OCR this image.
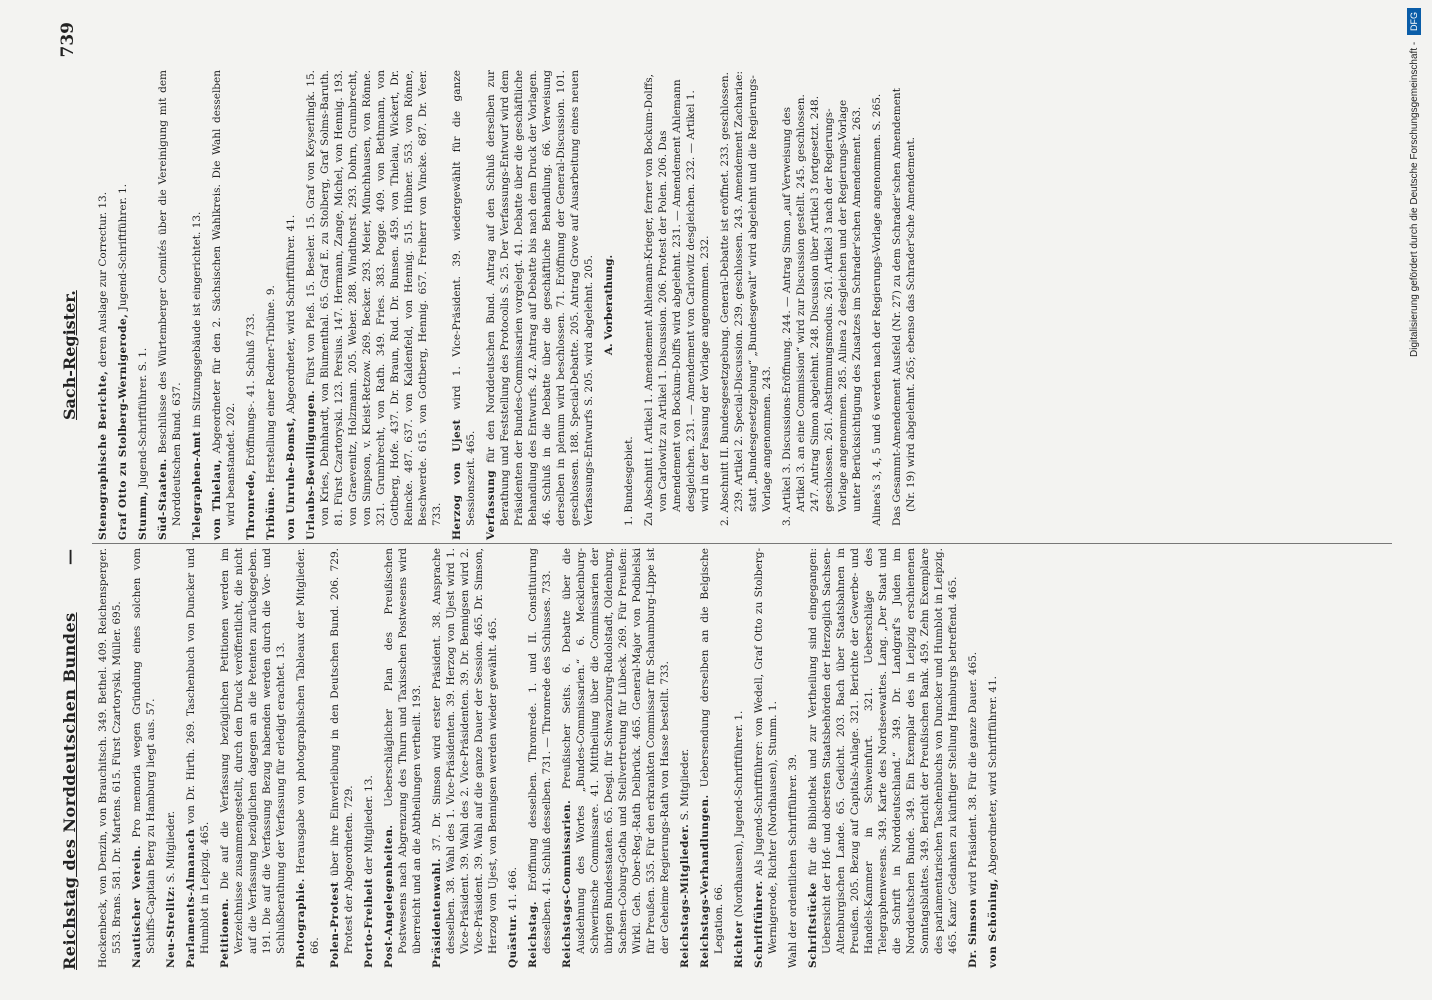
Reichstag des Norddeutschen Bundes
—
Sach-Register.
739

Hockenbeck, von Denzin, von Brauchitsch. 349. Bethel. 409. Reichensperger. 553. Brans. 581. Dr. Martens. 615. Fürst Czartoryski. Müller. 695. Nautischer Verein. Pro memoria wegen Gründung eines solchen vom Schiffs-Capitain Berg zu Hamburg liegt aus. 57. Neu-Strelitz: S. Mitglieder. Parlaments-Almanach von Dr. Hirth. 269. Taschenbuch von Duncker und Humblot in Leipzig. 465. Petitionen. Die auf die Verfassung bezüglichen Petitionen werden im Verzeichnisse zusammengestellt, durch den Druck veröffentlicht, die nicht auf die Verfassung bezüglichen dagegen an die Petenten zurückgegeben. 191. Die auf die Verfassung Bezug habenden werden durch die Vor- und Schlußberathung der Verfassung für erledigt erachtet. 13. Photographie. Herausgabe von photographischen Tableaux der Mitglieder. 66. Polen-Protest über ihre Einverleibung in den Deutschen Bund. 206. 729. Protest der Abgeordneten. 729. Porto-Freiheit der Mitglieder. 13. Post-Angelegenheiten. Ueberschläglicher Plan des Preußischen Postwesens nach Abgrenzung des Thurn und Taxisschen Postwesens wird überreicht und an die Abtheilungen vertheilt. 193. Präsidentenwahl. 37. Dr. Simson wird erster Präsident. 38. Ansprache desselben. 38. Wahl des 1. Vice-Präsidenten. 39. Herzog von Ujest wird 1. Vice-Präsident. 39. Wahl des 2. Vice-Präsidenten. 39. Dr. Bennigsen wird 2. Vice-Präsident. 39. Wahl auf die ganze Dauer der Session. 465. Dr. Simson, Herzog von Ujest, von Bennigsen werden wieder gewählt. 465. Quästur. 41. 466.

Reichstag. Eröffnung desselben. Thronrede. 1. und II. Constituirung desselben. 41. Schluß desselben. 731. — Thronrede des Schlusses. 733. Reichstags-Commissarien. Preußischer Seits. 6. Debatte über die Ausdehnung des Wortes „Bundes-Commissarien.“ 6. Mecklenburg-Schwerinsche Commissare. 41. Mittheilung über die Commissarien der übrigen Bundesstaaten. 65. Desgl. für Schwarzburg-Rudolstadt, Oldenburg, Sachsen-Coburg-Gotha und Stellvertretung für Lübeck. 269. Für Preußen: Wirkl. Geh. Ober-Reg.-Rath Delbrück. 465. General-Major von Podbielski für Preußen. 535. Für den erkrankten Commissar für Schaumburg-Lippe ist der Geheime Regierungs-Rath von Hasse bestellt. 733. Reichstags-Mitglieder. S. Mitglieder.

Reichstags-Verhandlungen. Uebersendung derselben an die Belgische Legation. 66. Richter (Nordhausen), Jugend-Schriftführer. 1.

Schriftführer. Als Jugend-Schriftführer: von Wedell, Graf Otto zu Stolberg-Wernigerode, Richter (Nordhausen), Stumm. 1. Wahl der ordentlichen Schriftführer. 39. Schriftstücke für die Bibliothek und zur Vertheilung sind eingegangen: Uebersicht der Hof- und obersten Staatsbehörden der Herzoglich Sachsen-Altenburgischen Lande. 65. Gedicht. 203. Bach über Staatsbahnen in Preußen. 205. Bezug auf Capitals-Anlage. 321. Berichte der Gewerbe- und Handels-Kammer in Schweinfurt. 321. Ueberschläge des Telegraphenwesens. 349. Karte des Nordseewattes. Lang. „Der Staat und die Schrift in Norddeutschland.“ 349. Dr. Landgraf's Juden im Norddeutschen Bunde. 349. Ein Exemplar des in Leipzig erschienenen Sonntagsblattes. 349. Bericht der Preußischen Bank. 459. Zehn Exemplare des parlamentarischen Taschenbuchs von Duncker und Humblot in Leipzig. 465. Kanz' Gedanken zu künftiger Stellung Hamburgs betreffend. 465. Dr. Simson wird Präsident. 38. Für die ganze Dauer. 465.

von Schöning, Abgeordneter, wird Schriftführer. 41.

Stenographische Berichte, deren Auslage zur Correctur. 13.

Graf Otto zu Stolberg-Wernigerode, Jugend-Schriftführer. 1.

Stumm, Jugend-Schriftführer. S. 1.

Süd-Staaten. Beschlüsse des Würtemberger Comités über die Vereinigung mit dem Norddeutschen Bund. 637. Telegraphen-Amt im Sitzungsgebäude ist eingerichtet. 13.

von Thielau, Abgeordneter für den 2. Sächsischen Wahlkreis. Die Wahl desselben wird beanstandet. 202. Thronrede, Eröffnungs-. 41. Schluß 733.

Tribüne. Herstellung einer Redner-Tribüne. 9. von Unruhe-Bomst, Abgeordneter, wird Schriftführer. 41.

Urlaubs-Bewilligungen. Fürst von Pleß. 15. Beseler. 15. Graf von Keyserlingk. 15. von Kries, Dehnhardt, von Blumenthal. 65. Graf E. zu Stolberg, Graf Solms-Baruth. 81. Fürst Czartoryski. 123. Persius. 147. Hermann, Zange, Michel, von Hennig. 193. von Graevenitz, Holzmann. 205. Weber. 288. Windthorst. 293. Dohrn, Grumbrecht, von Simpson, v. Kleist-Retzow. 269. Becker. 293. Meier, Münchhausen, von Rönne. 321. Grumbrecht, von Rath. 349. Fries. 383. Pogge. 409. von Bethmann, von Gottberg, Hofe. 437. Dr. Braun, Rud. Dr. Bunsen. 459. von Thielau, Wickert, Dr. Reincke. 487. 637. von Kaldenfeld, von Hennig. 515. Hübner. 553. von Rönne, Beschwerde. 615. von Gottberg, Hennig. 657. Freiherr von Vincke. 687. Dr. Veer. 733. Herzog von Ujest wird 1. Vice-Präsident. 39. wiedergewählt für die ganze Sessionszeit. 465. Verfassung für den Norddeutschen Bund. Antrag auf den Schluß derselben zur Berathung und Feststellung des Protocolls S. 25. Der Verfassungs-Entwurf wird dem Präsidenten der Bundes-Commissarien vorgelegt. 41. Debatte über die geschäftliche Behandlung des Entwurfs. 42. Antrag auf Debatte bis nach dem Druck der Vorlagen. 46. Schluß in die Debatte über die geschäftliche Behandlung. 66. Verweisung derselben in plenum wird beschlossen. 71. Eröffnung der General-Discussion. 101. geschlossen. 188. Special-Debatte. 205. Antrag Grove auf Ausarbeitung eines neuen Verfassungs-Entwurfs S. 205. wird abgelehnt. 205. A. Vorberathung.

1. Bundesgebiet. Zu Abschnitt I. Artikel 1. Amendement Ahlemann-Krieger, ferner von Bockum-Dolffs, von Carlowitz zu Artikel 1. Discussion. 206. Protest der Polen. 206. Das Amendement von Bockum-Dolffs wird abgelehnt. 231. — Amendement Ahlemann desgleichen. 231. — Amendement von Carlowitz desgleichen. 232. — Artikel 1. wird in der Fassung der Vorlage angenommen. 232. 2. Abschnitt II. Bundesgesetzgebung. General-Debatte ist eröffnet. 233. geschlossen. 239. Artikel 2. Special-Discussion. 239. geschlossen. 243. Amendement Zachariae: statt „Bundesgesetzgebung“ „Bundesgewalt“ wird abgelehnt und die Regierungs-Vorlage angenommen. 243. 3. Artikel 3. Discussions-Eröffnung. 244. — Antrag Simon „auf Verweisung des Artikel 3. an eine Commission“ wird zur Discussion gestellt. 245. geschlossen. 247. Antrag Simon abgelehnt. 248. Discussion über Artikel 3 fortgesetzt. 248. geschlossen. 261. Abstimmungsmodus. 261. Artikel 3 nach der Regierungs-Vorlage angenommen. 285. Alinea 2 desgleichen und der Regierungs-Vorlage unter Berücksichtigung des Zusatzes im Schrader'schen Amendement. 263. Alinea's 3, 4, 5 und 6 werden nach der Regierungs-Vorlage angenommen. S. 265. Das Gesammt-Amendement Ausfeld (Nr. 27) zu dem Schrader'schen Amendement (Nr. 19) wird abgelehnt. 265; ebenso das Schrader'sche Amendement.	Digitalisierung gefördert durch die Deutsche Forschungsgemeinschaft - DFG
